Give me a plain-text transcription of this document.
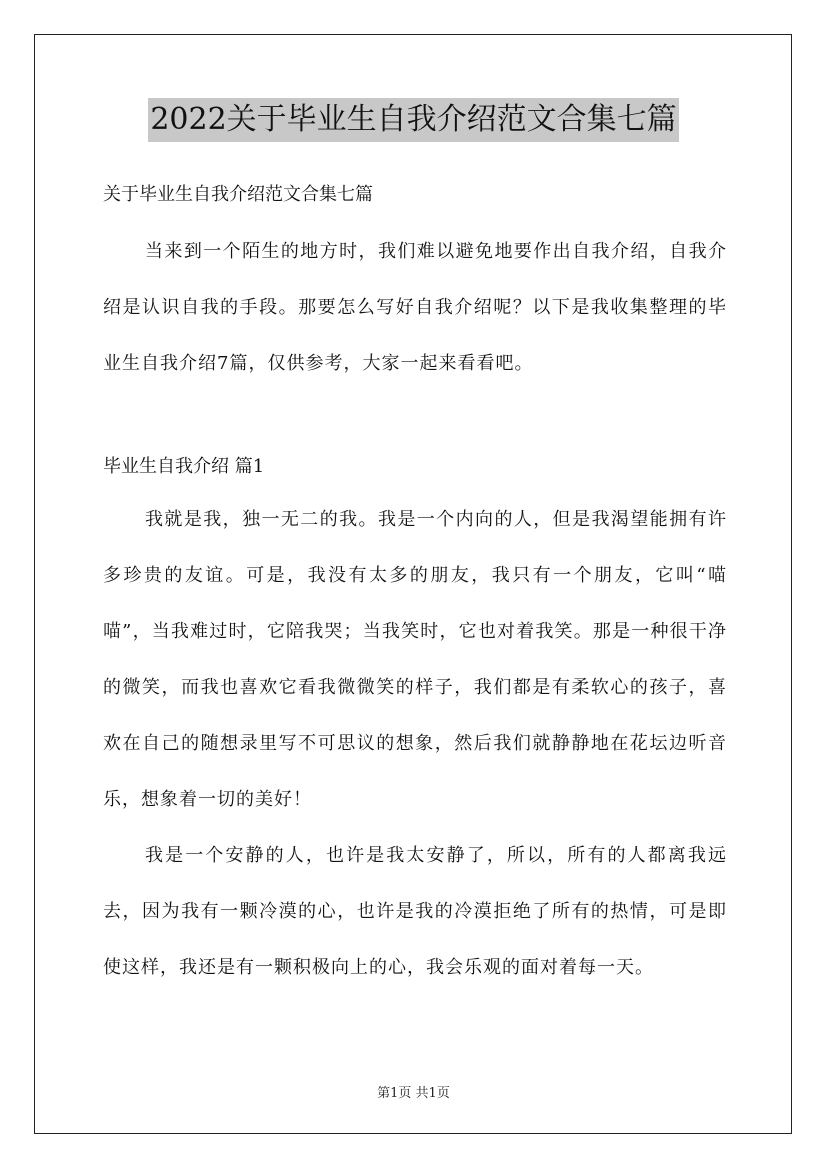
2022关于毕业生自我介绍范文合集七篇

关于毕业生自我介绍范文合集七篇

当来到一个陌生的地方时，我们难以避免地要作出自我介绍，自我介绍是认识自我的手段。那要怎么写好自我介绍呢？以下是我收集整理的毕业生自我介绍7篇，仅供参考，大家一起来看看吧。

毕业生自我介绍 篇1

我就是我，独一无二的我。我是一个内向的人，但是我渴望能拥有许多珍贵的友谊。可是，我没有太多的朋友，我只有一个朋友，它叫“喵喵”，当我难过时，它陪我哭；当我笑时，它也对着我笑。那是一种很干净的微笑，而我也喜欢它看我微微笑的样子，我们都是有柔软心的孩子，喜欢在自己的随想录里写不可思议的想象，然后我们就静静地在花坛边听音乐，想象着一切的美好！

我是一个安静的人，也许是我太安静了，所以，所有的人都离我远去，因为我有一颗冷漠的心，也许是我的冷漠拒绝了所有的热情，可是即使这样，我还是有一颗积极向上的心，我会乐观的面对着每一天。

第1页 共1页
